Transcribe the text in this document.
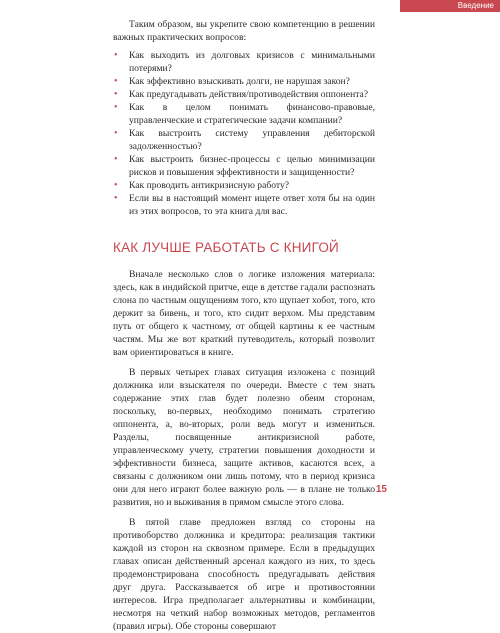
Введение

Таким образом, вы укрепите свою компетенцию в решении важных практических вопросов:

• Как выходить из долговых кризисов с минимальными потерями?
• Как эффективно взыскивать долги, не нарушая закон?
• Как предугадывать действия/противодействия оппонента?
• Как в целом понимать финансово-правовые, управленческие и стратегические задачи компании?
• Как выстроить систему управления дебиторской задолженностью?
• Как выстроить бизнес-процессы с целью минимизации рисков и повышения эффективности и защищенности?
• Как проводить антикризисную работу?
• Если вы в настоящий момент ищете ответ хотя бы на один из этих вопросов, то эта книга для вас.
КАК ЛУЧШЕ РАБОТАТЬ С КНИГОЙ

Вначале несколько слов о логике изложения материала: здесь, как в индийской притче, еще в детстве гадали распознать слона по частным ощущениям того, кто щупает хобот, того, кто держит за бивень, и того, кто сидит верхом. Мы представим путь от общего к частному, от общей картины к ее частным частям. Мы же вот краткий путеводитель, который позволит вам ориентироваться в книге.

В первых четырех главах ситуация изложена с позиций должника или взыскателя по очереди. Вместе с тем знать содержание этих глав будет полезно обеим сторонам, поскольку, во-первых, необходимо понимать стратегию оппонента, а, во-вторых, роли ведь могут и измениться. Разделы, посвященные антикризисной работе, управленческому учету, стратегии повышения доходности и эффективности бизнеса, защите активов, касаются всех, а связаны с должником они лишь потому, что в период кризиса они для него играют более важную роль — в плане не только развития, но и выживания в прямом смысле этого слова.

В пятой главе предложен взгляд со стороны на противоборство должника и кредитора: реализация тактики каждой из сторон на сквозном примере. Если в предыдущих главах описан действенный арсенал каждого из них, то здесь продемонстрирована способность предугадывать действия друг друга. Рассказывается об игре и противостоянии интересов. Игра предполагает альтернативы и комбинации, несмотря на четкий набор возможных методов, регламентов (правил игры). Обе стороны совершают

15
